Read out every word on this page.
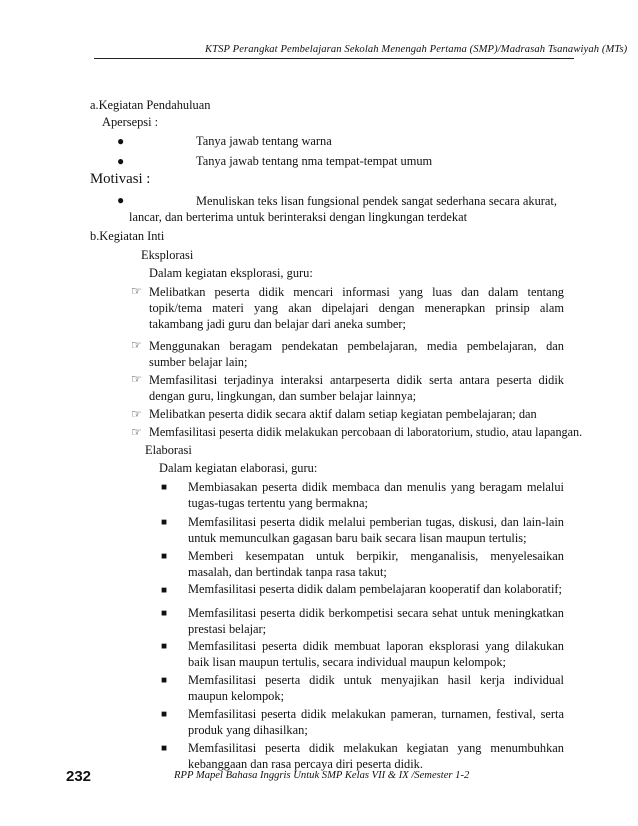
KTSP Perangkat Pembelajaran Sekolah Menengah Pertama (SMP)/Madrasah Tsanawiyah (MTs)
a.Kegiatan Pendahuluan
Apersepsi :
●	Tanya jawab tentang warna
●	Tanya jawab tentang nma tempat-tempat umum
Motivasi :
●	Menuliskan teks lisan fungsional pendek sangat sederhana secara akurat,
lancar, dan berterima untuk berinteraksi dengan lingkungan terdekat
b.Kegiatan Inti
Eksplorasi
Dalam kegiatan eksplorasi, guru:
☞ Melibatkan peserta didik mencari informasi yang luas dan dalam tentang topik/tema materi yang akan dipelajari dengan menerapkan prinsip alam takambang jadi guru dan belajar dari aneka sumber;
☞ Menggunakan beragam pendekatan pembelajaran, media pembelajaran, dan sumber belajar lain;
☞ Memfasilitasi terjadinya interaksi antarpeserta didik serta antara peserta didik dengan guru, lingkungan, dan sumber belajar lainnya;
☞ Melibatkan peserta didik secara aktif dalam setiap kegiatan pembelajaran; dan
☞ Memfasilitasi peserta didik melakukan percobaan di laboratorium, studio, atau lapangan.
Elaborasi
Dalam kegiatan elaborasi, guru:
■ Membiasakan peserta didik membaca dan menulis yang beragam melalui tugas-tugas tertentu yang bermakna;
■ Memfasilitasi peserta didik melalui pemberian tugas, diskusi, dan lain-lain untuk memunculkan gagasan baru baik secara lisan maupun tertulis;
■ Memberi kesempatan untuk berpikir, menganalisis, menyelesaikan masalah, dan bertindak tanpa rasa takut;
■ Memfasilitasi peserta didik dalam pembelajaran kooperatif dan kolaboratif;
■ Memfasilitasi peserta didik berkompetisi secara sehat untuk meningkatkan prestasi belajar;
■ Memfasilitasi peserta didik membuat laporan eksplorasi yang dilakukan baik lisan maupun tertulis, secara individual maupun kelompok;
■ Memfasilitasi peserta didik untuk menyajikan hasil kerja individual maupun kelompok;
■ Memfasilitasi peserta didik melakukan pameran, turnamen, festival, serta produk yang dihasilkan;
■ Memfasilitasi peserta didik melakukan kegiatan yang menumbuhkan kebanggaan dan rasa percaya diri peserta didik.
232	RPP Mapel Bahasa Inggris Untuk SMP Kelas VII & IX /Semester 1-2
